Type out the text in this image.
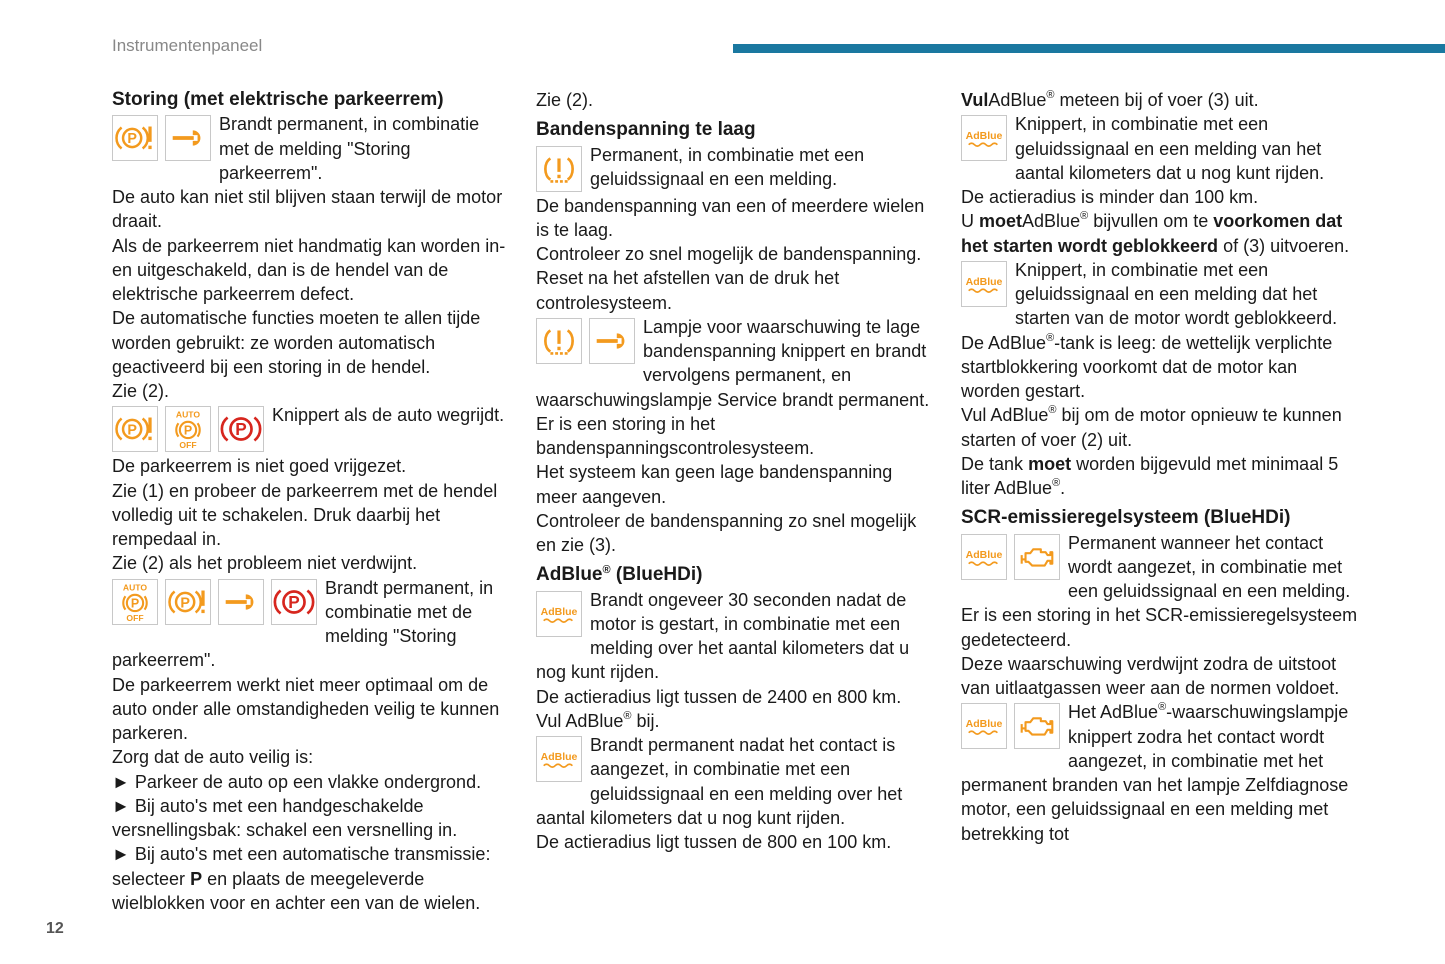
Instrumentenpaneel
12
Storing (met elektrische parkeerrem)
Brandt permanent, in combinatie met de melding "Storing parkeerrem".

De auto kan niet stil blijven staan terwijl de motor draait.

Als de parkeerrem niet handmatig kan worden in- en uitgeschakeld, dan is de hendel van de elektrische parkeerrem defect.

De automatische functies moeten te allen tijde worden gebruikt: ze worden automatisch geactiveerd bij een storing in de hendel.

Zie (2).

AUTO
P
OFF
Knippert als de auto wegrijdt.

De parkeerrem is niet goed vrijgezet.

Zie (1) en probeer de parkeerrem met de hendel volledig uit te schakelen. Druk daarbij het rempedaal in.

Zie (2) als het probleem niet verdwijnt.

AUTO
P
OFF
Brandt permanent, in combinatie met de melding "Storing parkeerrem".

De parkeerrem werkt niet meer optimaal om de auto onder alle omstandigheden veilig te kunnen parkeren.

Zorg dat de auto veilig is:

► Parkeer de auto op een vlakke ondergrond.

► Bij auto's met een handgeschakelde versnellingsbak: schakel een versnelling in.

► Bij auto's met een automatische transmissie: selecteer P en plaats de meegeleverde wielblokken voor en achter een van de wielen.

Zie (2).

Bandenspanning te laag
Permanent, in combinatie met een geluidssignaal en een melding.

De bandenspanning van een of meerdere wielen is te laag.

Controleer zo snel mogelijk de bandenspanning.

Reset na het afstellen van de druk het controlesysteem.

Lampje voor waarschuwing te lage bandenspanning knippert en brandt vervolgens permanent, en waarschuwingslampje Service brandt permanent.

Er is een storing in het bandenspanningscontrolesysteem.

Het systeem kan geen lage bandenspanning meer aangeven.

Controleer de bandenspanning zo snel mogelijk en zie (3).

AdBlue® (BlueHDi)
AdBlue
Brandt ongeveer 30 seconden nadat de motor is gestart, in combinatie met een melding over het aantal kilometers dat u nog kunt rijden.

De actieradius ligt tussen de 2400 en 800 km.

Vul AdBlue® bij.

AdBlue
Brandt permanent nadat het contact is aangezet, in combinatie met een geluidssignaal en een melding over het aantal kilometers dat u nog kunt rijden.

De actieradius ligt tussen de 800 en 100 km.

VulAdBlue® meteen bij of voer (3) uit.

AdBlue
Knippert, in combinatie met een geluidssignaal en een melding van het aantal kilometers dat u nog kunt rijden.

De actieradius is minder dan 100 km.

U moetAdBlue® bijvullen om te voorkomen dat het starten wordt geblokkeerd of (3) uitvoeren.

AdBlue
Knippert, in combinatie met een geluidssignaal en een melding dat het starten van de motor wordt geblokkeerd.

De AdBlue®-tank is leeg: de wettelijk verplichte startblokkering voorkomt dat de motor kan worden gestart.

Vul AdBlue® bij om de motor opnieuw te kunnen starten of voer (2) uit.

De tank moet worden bijgevuld met minimaal 5 liter AdBlue®.

SCR-emissieregelsysteem (BlueHDi)
AdBlue
Permanent wanneer het contact wordt aangezet, in combinatie met een geluidssignaal en een melding.

Er is een storing in het SCR-emissieregelsysteem gedetecteerd.

Deze waarschuwing verdwijnt zodra de uitstoot van uitlaatgassen weer aan de normen voldoet.

AdBlue
Het AdBlue®-waarschuwingslampje knippert zodra het contact wordt aangezet, in combinatie met het permanent branden van het lampje Zelfdiagnose motor, een geluidssignaal en een melding met betrekking tot
